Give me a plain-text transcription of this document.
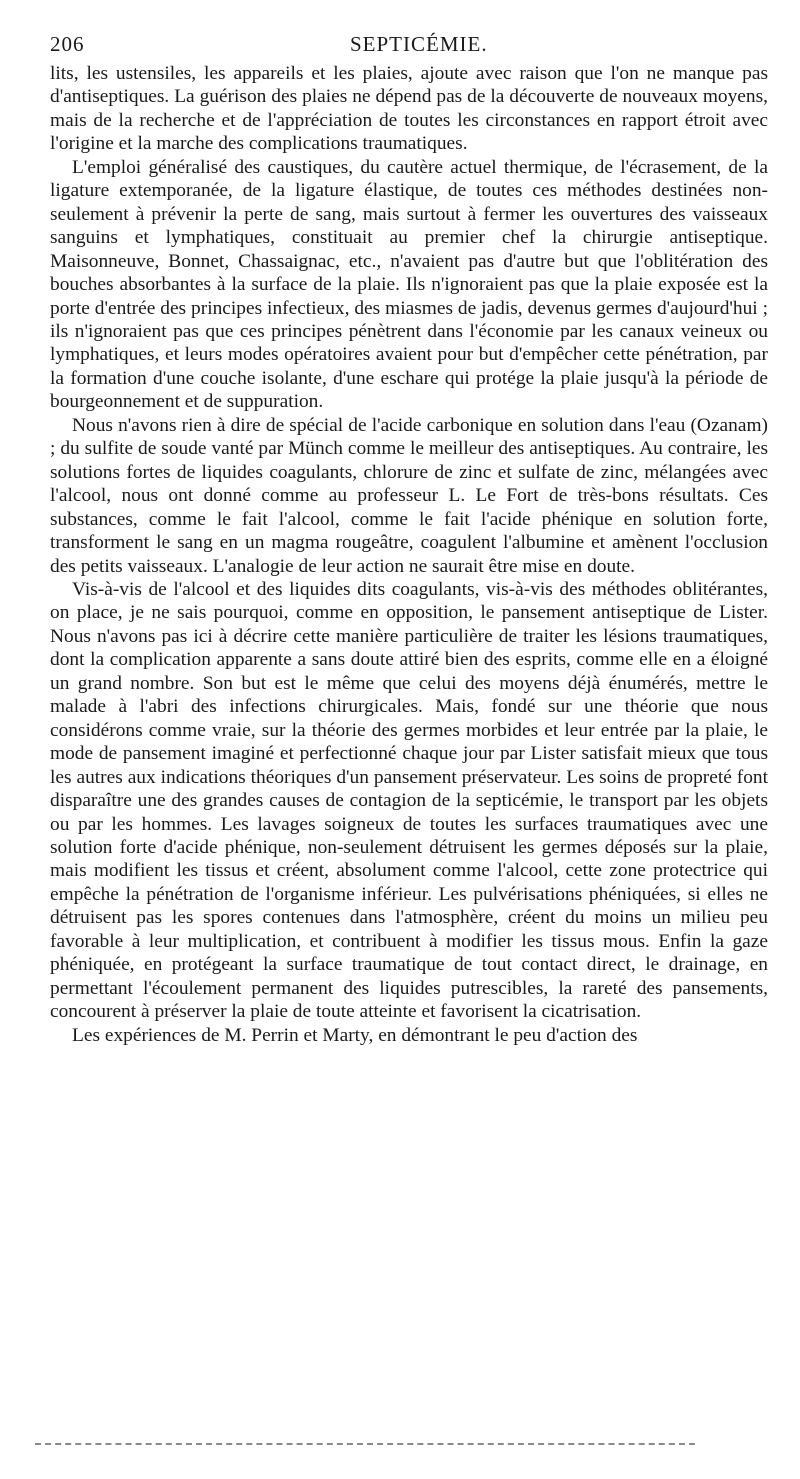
206	SEPTICÉMIE.

lits, les ustensiles, les appareils et les plaies, ajoute avec raison que l'on ne manque pas d'antiseptiques. La guérison des plaies ne dépend pas de la découverte de nouveaux moyens, mais de la recherche et de l'appréciation de toutes les circonstances en rapport étroit avec l'origine et la marche des complications traumatiques.

L'emploi généralisé des caustiques, du cautère actuel thermique, de l'écrasement, de la ligature extemporanée, de la ligature élastique, de toutes ces méthodes destinées non-seulement à prévenir la perte de sang, mais surtout à fermer les ouvertures des vaisseaux sanguins et lymphatiques, constituait au premier chef la chirurgie antiseptique. Maisonneuve, Bonnet, Chassaignac, etc., n'avaient pas d'autre but que l'oblitération des bouches absorbantes à la surface de la plaie. Ils n'ignoraient pas que la plaie exposée est la porte d'entrée des principes infectieux, des miasmes de jadis, devenus germes d'aujourd'hui ; ils n'ignoraient pas que ces principes pénètrent dans l'économie par les canaux veineux ou lymphatiques, et leurs modes opératoires avaient pour but d'empêcher cette pénétration, par la formation d'une couche isolante, d'une eschare qui protége la plaie jusqu'à la période de bourgeonnement et de suppuration.

Nous n'avons rien à dire de spécial de l'acide carbonique en solution dans l'eau (Ozanam) ; du sulfite de soude vanté par Münch comme le meilleur des antiseptiques. Au contraire, les solutions fortes de liquides coagulants, chlorure de zinc et sulfate de zinc, mélangées avec l'alcool, nous ont donné comme au professeur L. Le Fort de très-bons résultats. Ces substances, comme le fait l'alcool, comme le fait l'acide phénique en solution forte, transforment le sang en un magma rougeâtre, coagulent l'albumine et amènent l'occlusion des petits vaisseaux. L'analogie de leur action ne saurait être mise en doute.

Vis-à-vis de l'alcool et des liquides dits coagulants, vis-à-vis des méthodes oblitérantes, on place, je ne sais pourquoi, comme en opposition, le pansement antiseptique de Lister. Nous n'avons pas ici à décrire cette manière particulière de traiter les lésions traumatiques, dont la complication apparente a sans doute attiré bien des esprits, comme elle en a éloigné un grand nombre. Son but est le même que celui des moyens déjà énumérés, mettre le malade à l'abri des infections chirurgicales. Mais, fondé sur une théorie que nous considérons comme vraie, sur la théorie des germes morbides et leur entrée par la plaie, le mode de pansement imaginé et perfectionné chaque jour par Lister satisfait mieux que tous les autres aux indications théoriques d'un pansement préservateur. Les soins de propreté font disparaître une des grandes causes de contagion de la septicémie, le transport par les objets ou par les hommes. Les lavages soigneux de toutes les surfaces traumatiques avec une solution forte d'acide phénique, non-seulement détruisent les germes déposés sur la plaie, mais modifient les tissus et créent, absolument comme l'alcool, cette zone protectrice qui empêche la pénétration de l'organisme inférieur. Les pulvérisations phéniquées, si elles ne détruisent pas les spores contenues dans l'atmosphère, créent du moins un milieu peu favorable à leur multiplication, et contribuent à modifier les tissus mous. Enfin la gaze phéniquée, en protégeant la surface traumatique de tout contact direct, le drainage, en permettant l'écoulement permanent des liquides putrescibles, la rareté des pansements, concourent à préserver la plaie de toute atteinte et favorisent la cicatrisation.

Les expériences de M. Perrin et Marty, en démontrant le peu d'action des
